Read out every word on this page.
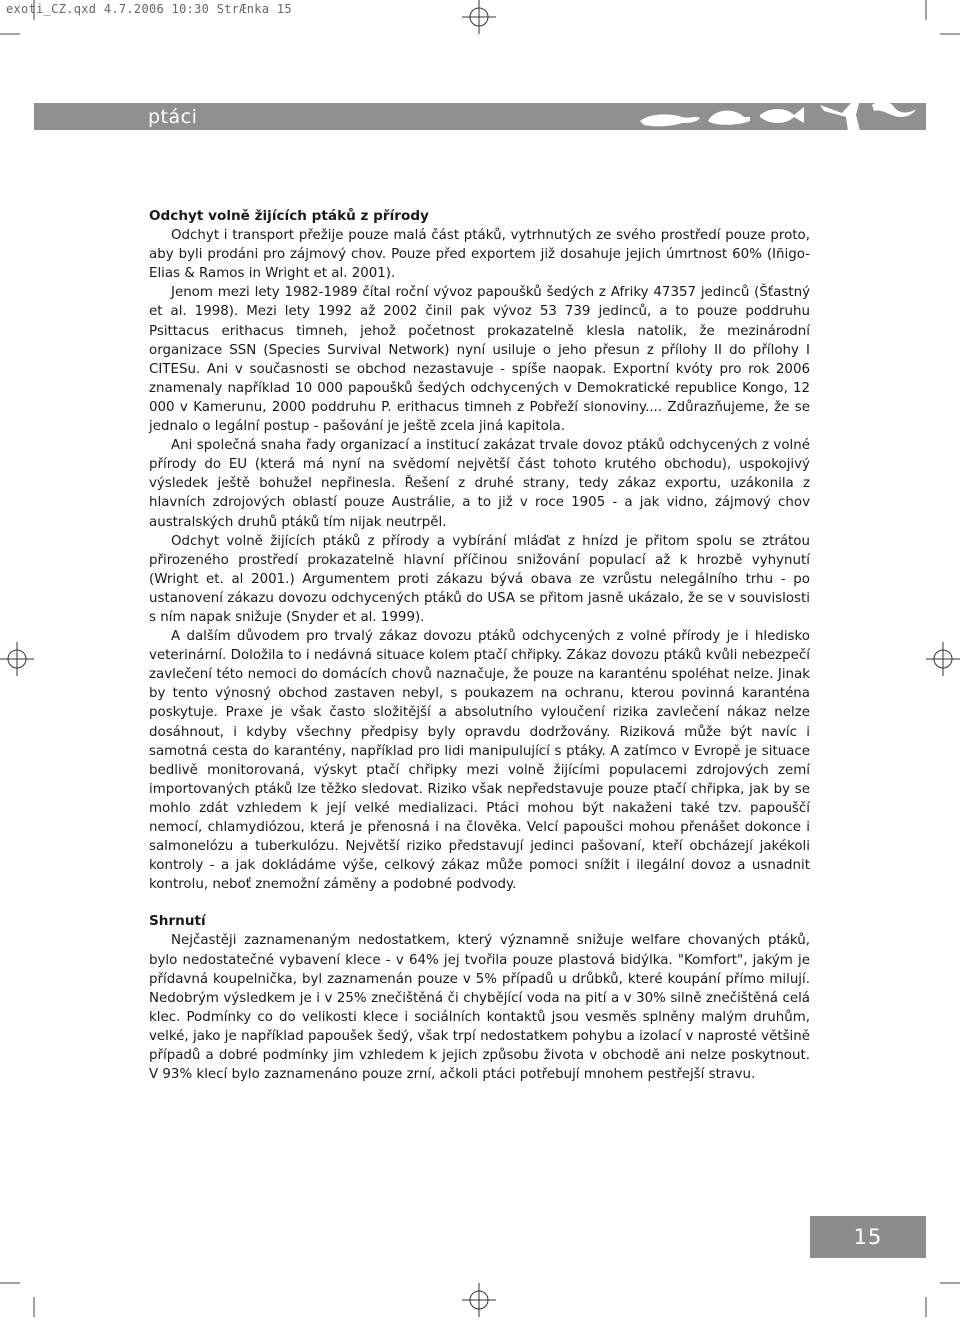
exoti_CZ.qxd 4.7.2006 10:30 StrÆnka 15
ptáci
Odchyt volně žijících ptáků z přírody

Odchyt i transport přežije pouze malá část ptáků, vytrhnutých ze svého prostředí pouze proto, aby byli prodáni pro zájmový chov. Pouze před exportem již dosahuje jejich úmrtnost 60% (Iñigo-Elias & Ramos in Wright et al. 2001).

Jenom mezi lety 1982-1989 čítal roční vývoz papoušků šedých z Afriky 47357 jedinců (Šťastný et al. 1998). Mezi lety 1992 až 2002 činil pak vývoz 53 739 jedinců, a to pouze poddruhu Psittacus erithacus timneh, jehož početnost prokazatelně klesla natolik, že mezinárodní organizace SSN (Species Survival Network) nyní usiluje o jeho přesun z přílohy II do přílohy I CITESu. Ani v současnosti se obchod nezastavuje - spíše naopak. Exportní kvóty pro rok 2006 znamenaly například 10 000 papoušků šedých odchycených v Demokratické republice Kongo, 12 000 v Kamerunu, 2000 poddruhu P. erithacus timneh z Pobřeží slonoviny.... Zdůrazňujeme, že se jednalo o legální postup - pašování je ještě zcela jiná kapitola.

Ani společná snaha řady organizací a institucí zakázat trvale dovoz ptáků odchycených z volné přírody do EU (která má nyní na svědomí největší část tohoto krutého obchodu), uspokojivý výsledek ještě bohužel nepřinesla. Řešení z druhé strany, tedy zákaz exportu, uzákonila z hlavních zdrojových oblastí pouze Austrálie, a to již v roce 1905 - a jak vidno, zájmový chov australských druhů ptáků tím nijak neutrpěl.

Odchyt volně žijících ptáků z přírody a vybírání mláďat z hnízd je přitom spolu se ztrátou přirozeného prostředí prokazatelně hlavní příčinou snižování populací až k hrozbě vyhynutí (Wright et. al 2001.) Argumentem proti zákazu bývá obava ze vzrůstu nelegálního trhu - po ustanovení zákazu dovozu odchycených ptáků do USA se přitom jasně ukázalo, že se v souvislosti s ním napak snižuje (Snyder et al. 1999).

A dalším důvodem pro trvalý zákaz dovozu ptáků odchycených z volné přírody je i hledisko veterinární. Doložila to i nedávná situace kolem ptačí chřipky. Zákaz dovozu ptáků kvůli nebezpečí zavlečení této nemoci do domácích chovů naznačuje, že pouze na karanténu spoléhat nelze. Jinak by tento výnosný obchod zastaven nebyl, s poukazem na ochranu, kterou povinná karanténa poskytuje. Praxe je však často složitější a absolutního vyloučení rizika zavlečení nákaz nelze dosáhnout, i kdyby všechny předpisy byly opravdu dodržovány. Riziková může být navíc i samotná cesta do karantény, například pro lidi manipulující s ptáky. A zatímco v Evropě je situace bedlivě monitorovaná, výskyt ptačí chřipky mezi volně žijícími populacemi zdrojových zemí importovaných ptáků lze těžko sledovat. Riziko však nepředstavuje pouze ptačí chřipka, jak by se mohlo zdát vzhledem k její velké medializaci. Ptáci mohou být nakaženi také tzv. papouščí nemocí, chlamydiózou, která je přenosná i na člověka. Velcí papoušci mohou přenášet dokonce i salmonelózu a tuberkulózu. Největší riziko představují jedinci pašovaní, kteří obcházejí jakékoli kontroly - a jak dokládáme výše, celkový zákaz může pomoci snížit i ilegální dovoz a usnadnit kontrolu, neboť znemožní záměny a podobné podvody.

Shrnutí

Nejčastěji zaznamenaným nedostatkem, který významně snižuje welfare chovaných ptáků, bylo nedostatečné vybavení klece - v 64% jej tvořila pouze plastová bidýlka. "Komfort", jakým je přídavná koupelnička, byl zaznamenán pouze v 5% případů u drůbků, které koupání přímo milují. Nedobrým výsledkem je i v 25% znečištěná či chybějící voda na pití a v 30% silně znečištěná celá klec. Podmínky co do velikosti klece i sociálních kontaktů jsou vesměs splněny malým druhům, velké, jako je například papoušek šedý, však trpí nedostatkem pohybu a izolací v naprosté většině případů a dobré podmínky jim vzhledem k jejich způsobu života v obchodě ani nelze poskytnout. V 93% klecí bylo zaznamenáno pouze zrní, ačkoli ptáci potřebují mnohem pestřejší stravu.

15
